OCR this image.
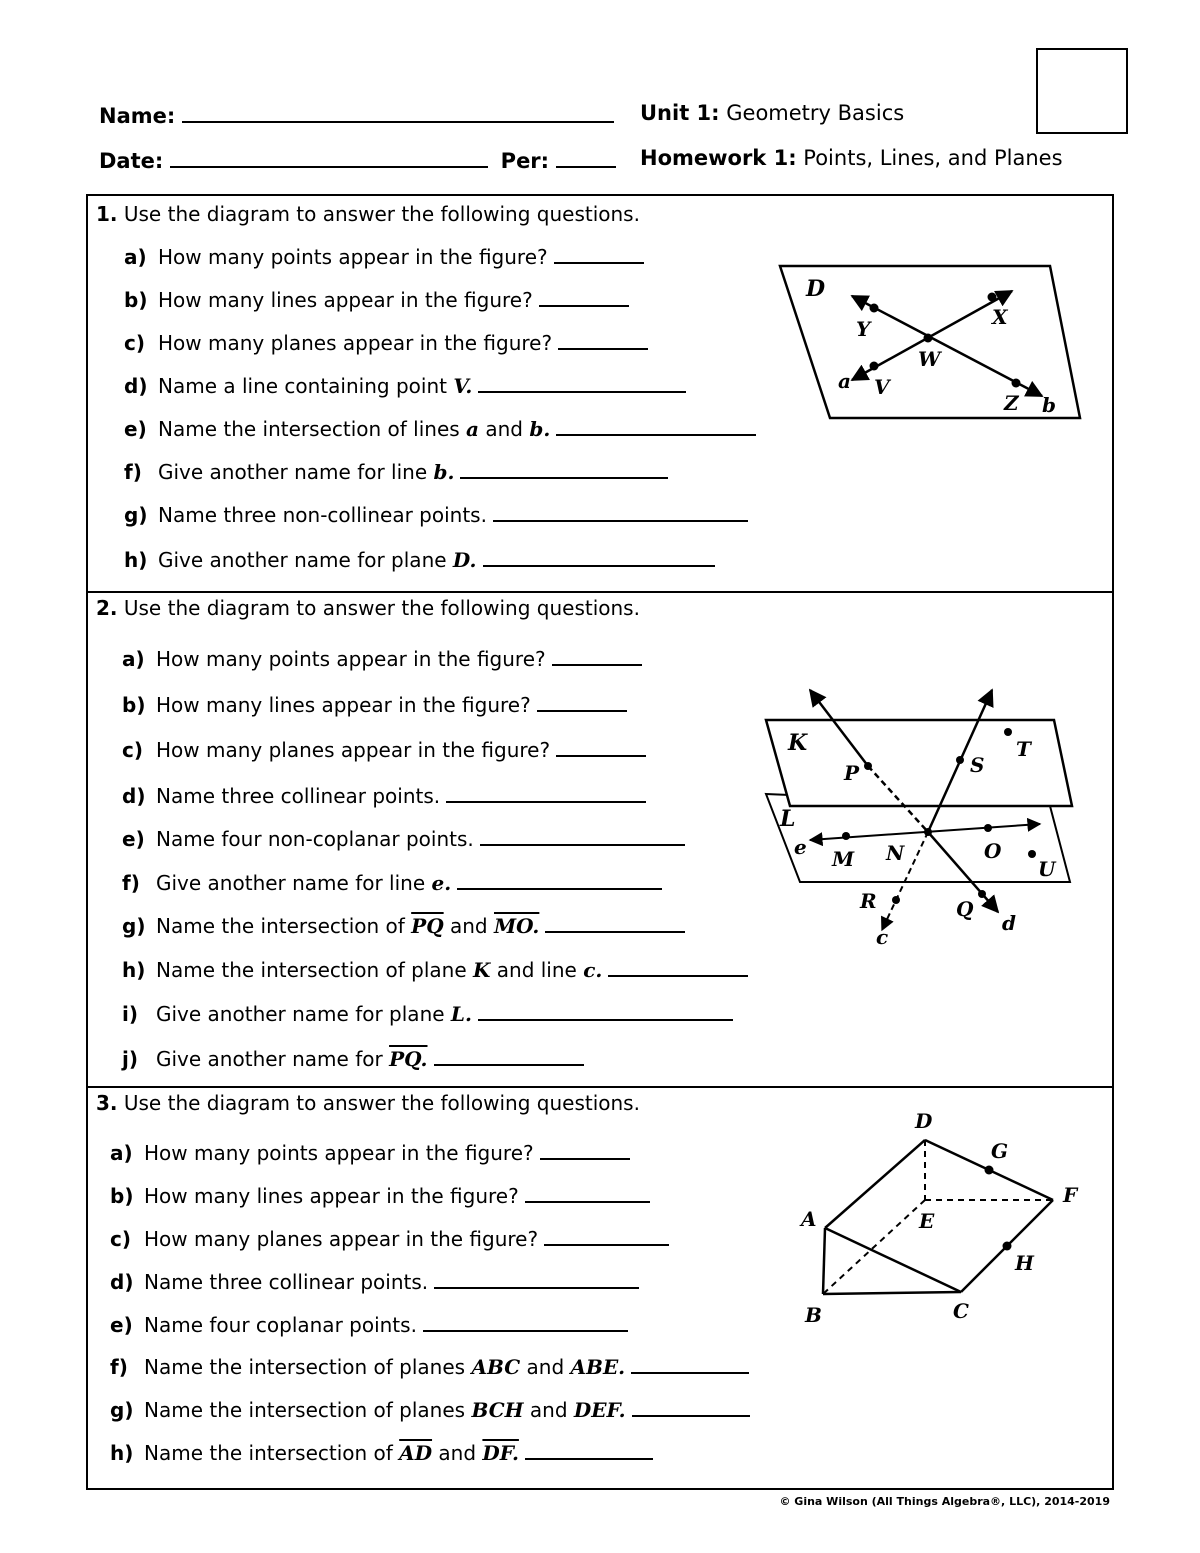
Name:
Date:	Per:
Unit 1: Geometry Basics
Homework 1: Points, Lines, and Planes
1. Use the diagram to answer the following questions.
a) How many points appear in the figure?
b) How many lines appear in the figure?
c) How many planes appear in the figure?
d) Name a line containing point V.
e) Name the intersection of lines a and b.
f) Give another name for line b.
g) Name three non-collinear points.
h) Give another name for plane D.
D
Y	X
W
a V
Z b
2. Use the diagram to answer the following questions.
a) How many points appear in the figure?
b) How many lines appear in the figure?
c) How many planes appear in the figure?
d) Name three collinear points.
e) Name four non-coplanar points.
f) Give another name for line e.
g) Name the intersection of $\overline{PQ}$ and MO.
h) Name the intersection of plane K and line c.
i) Give another name for plane L.
j) Give another name for PQ.
K
L
P	S
T
e M N	O
U
R	Q
c
d
3. Use the diagram to answer the following questions.
a) How many points appear in the figure?
b) How many lines appear in the figure?
c) How many planes appear in the figure?
d) Name three collinear points.
e) Name four coplanar points.
f) Name the intersection of planes ABC and ABE.
g) Name the intersection of planes BCH and DEF.
h) Name the intersection of $\overline{AD}$ and DF.
D
G
F
A	E
H
B	C
© Gina Wilson (All Things Algebra®, LLC), 2014-2019
